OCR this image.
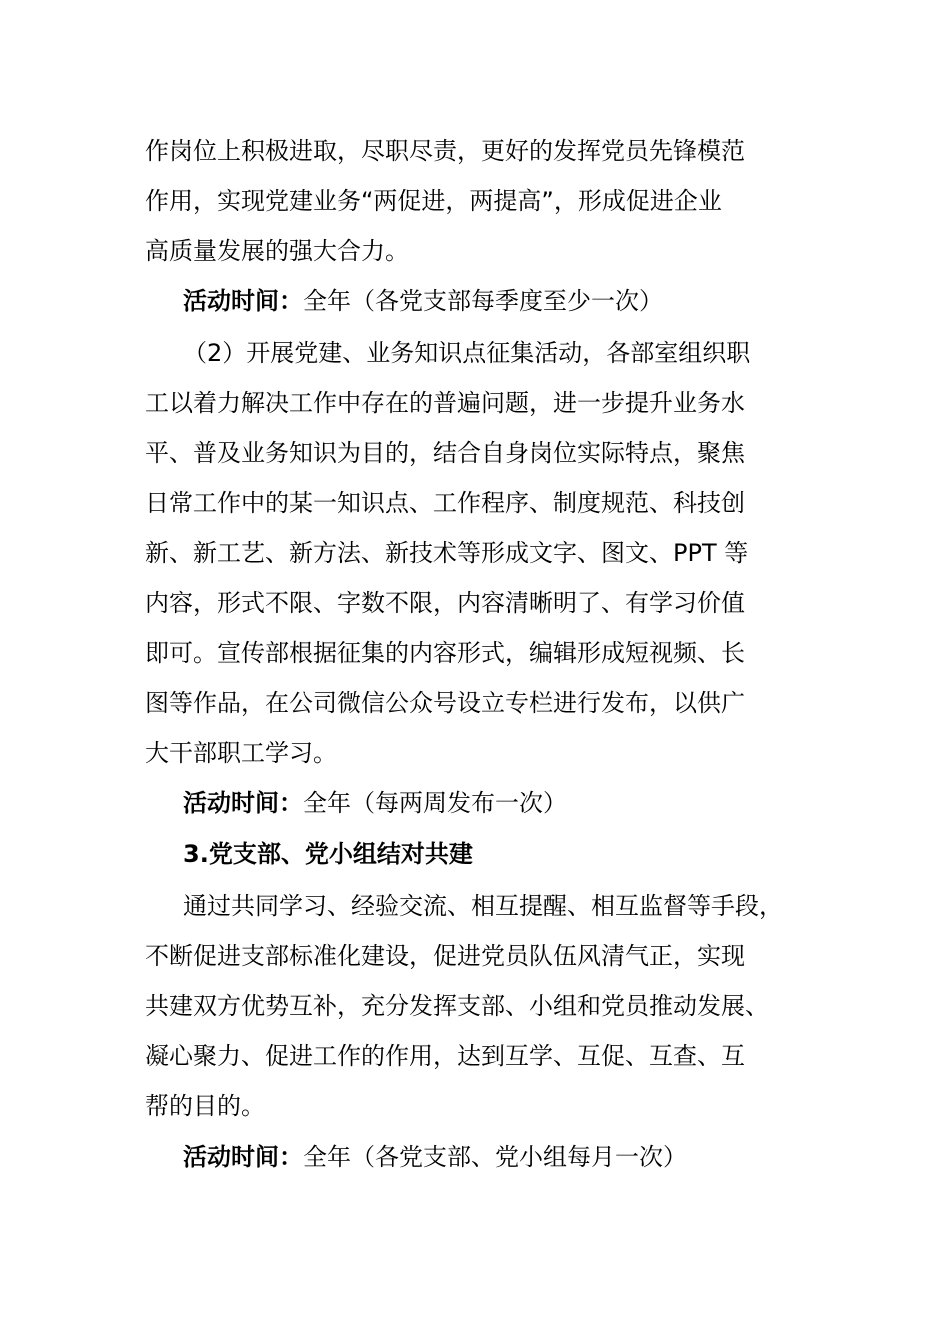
作岗位上积极进取，尽职尽责，更好的发挥党员先锋模范
作用，实现党建业务“两促进，两提高”，形成促进企业
高质量发展的强大合力。
活动时间：全年（各党支部每季度至少一次）
（2）开展党建、业务知识点征集活动，各部室组织职
工以着力解决工作中存在的普遍问题，进一步提升业务水
平、普及业务知识为目的，结合自身岗位实际特点，聚焦
日常工作中的某一知识点、工作程序、制度规范、科技创
新、新工艺、新方法、新技术等形成文字、图文、PPT 等
内容，形式不限、字数不限，内容清晰明了、有学习价值
即可。宣传部根据征集的内容形式，编辑形成短视频、长
图等作品，在公司微信公众号设立专栏进行发布，以供广
大干部职工学习。
活动时间：全年（每两周发布一次）
3.党支部、党小组结对共建
通过共同学习、经验交流、相互提醒、相互监督等手段，
不断促进支部标准化建设，促进党员队伍风清气正，实现
共建双方优势互补，充分发挥支部、小组和党员推动发展、
凝心聚力、促进工作的作用，达到互学、互促、互查、互
帮的目的。
活动时间：全年（各党支部、党小组每月一次）
